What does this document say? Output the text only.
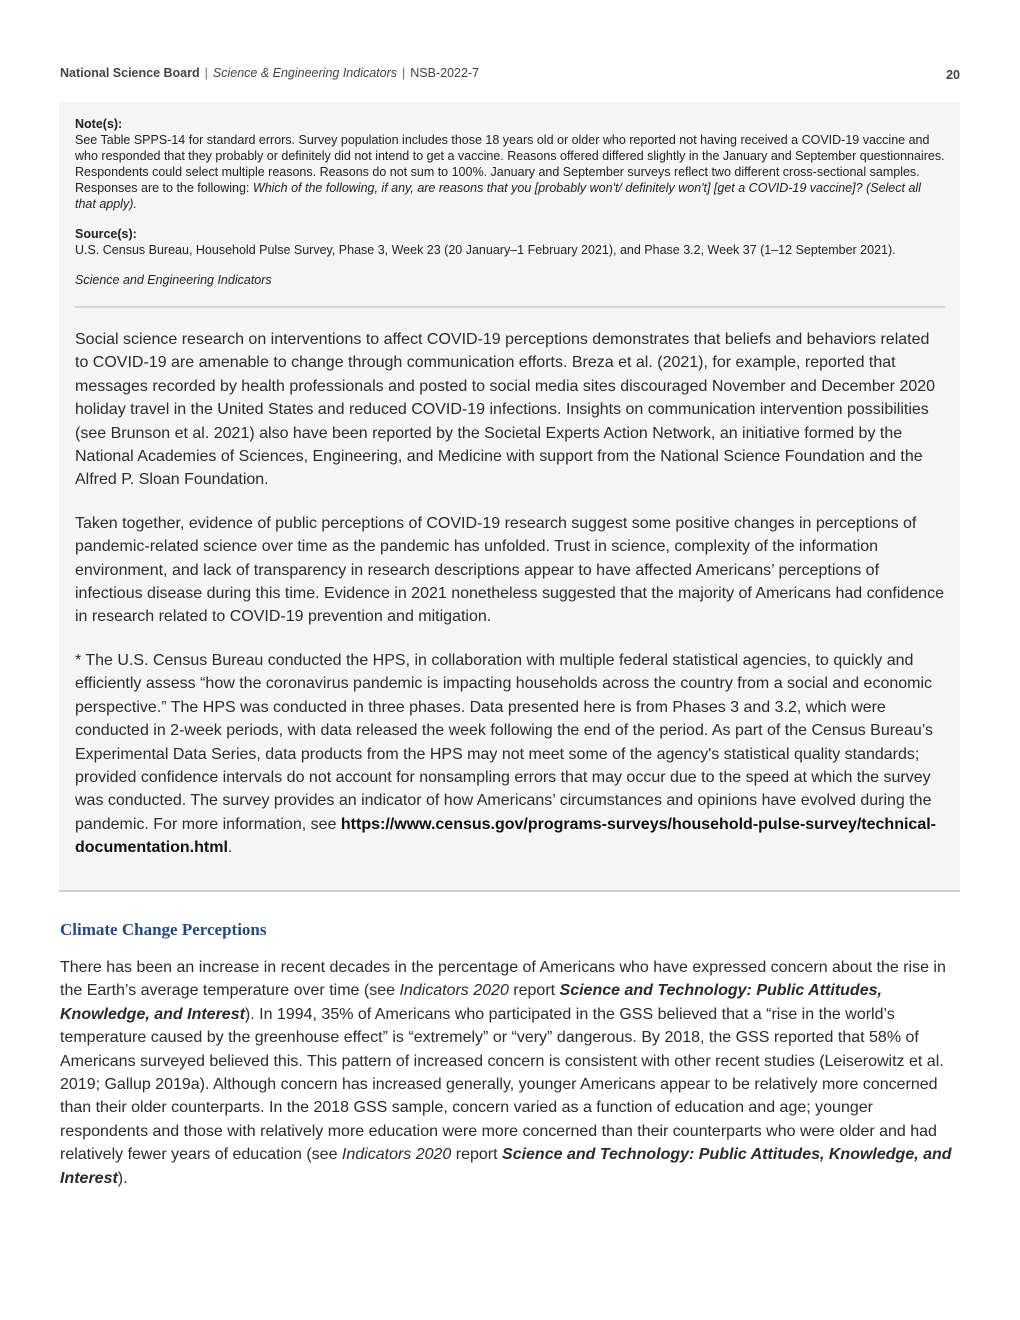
National Science Board | Science & Engineering Indicators | NSB-2022-7	20
Note(s):

See Table SPPS-14 for standard errors. Survey population includes those 18 years old or older who reported not having received a COVID-19 vaccine and who responded that they probably or definitely did not intend to get a vaccine. Reasons offered differed slightly in the January and September questionnaires. Respondents could select multiple reasons. Reasons do not sum to 100%. January and September surveys reflect two different cross-sectional samples. Responses are to the following: Which of the following, if any, are reasons that you [probably won't/ definitely won't] [get a COVID-19 vaccine]? (Select all that apply).

Source(s):

U.S. Census Bureau, Household Pulse Survey, Phase 3, Week 23 (20 January–1 February 2021), and Phase 3.2, Week 37 (1–12 September 2021).

Science and Engineering Indicators

Social science research on interventions to affect COVID-19 perceptions demonstrates that beliefs and behaviors related to COVID-19 are amenable to change through communication efforts. Breza et al. (2021), for example, reported that messages recorded by health professionals and posted to social media sites discouraged November and December 2020 holiday travel in the United States and reduced COVID-19 infections. Insights on communication intervention possibilities (see Brunson et al. 2021) also have been reported by the Societal Experts Action Network, an initiative formed by the National Academies of Sciences, Engineering, and Medicine with support from the National Science Foundation and the Alfred P. Sloan Foundation.

Taken together, evidence of public perceptions of COVID-19 research suggest some positive changes in perceptions of pandemic-related science over time as the pandemic has unfolded. Trust in science, complexity of the information environment, and lack of transparency in research descriptions appear to have affected Americans’ perceptions of infectious disease during this time. Evidence in 2021 nonetheless suggested that the majority of Americans had confidence in research related to COVID-19 prevention and mitigation.

* The U.S. Census Bureau conducted the HPS, in collaboration with multiple federal statistical agencies, to quickly and efficiently assess “how the coronavirus pandemic is impacting households across the country from a social and economic perspective.” The HPS was conducted in three phases. Data presented here is from Phases 3 and 3.2, which were conducted in 2-week periods, with data released the week following the end of the period. As part of the Census Bureau’s Experimental Data Series, data products from the HPS may not meet some of the agency's statistical quality standards; provided confidence intervals do not account for nonsampling errors that may occur due to the speed at which the survey was conducted. The survey provides an indicator of how Americans’ circumstances and opinions have evolved during the pandemic. For more information, see https://www.census.gov/programs-surveys/household-pulse-survey/technical-documentation.html.

Climate Change Perceptions

There has been an increase in recent decades in the percentage of Americans who have expressed concern about the rise in the Earth’s average temperature over time (see Indicators 2020 report Science and Technology: Public Attitudes, Knowledge, and Interest). In 1994, 35% of Americans who participated in the GSS believed that a “rise in the world’s temperature caused by the greenhouse effect” is “extremely” or “very” dangerous. By 2018, the GSS reported that 58% of Americans surveyed believed this. This pattern of increased concern is consistent with other recent studies (Leiserowitz et al. 2019; Gallup 2019a). Although concern has increased generally, younger Americans appear to be relatively more concerned than their older counterparts. In the 2018 GSS sample, concern varied as a function of education and age; younger respondents and those with relatively more education were more concerned than their counterparts who were older and had relatively fewer years of education (see Indicators 2020 report Science and Technology: Public Attitudes, Knowledge, and Interest).
